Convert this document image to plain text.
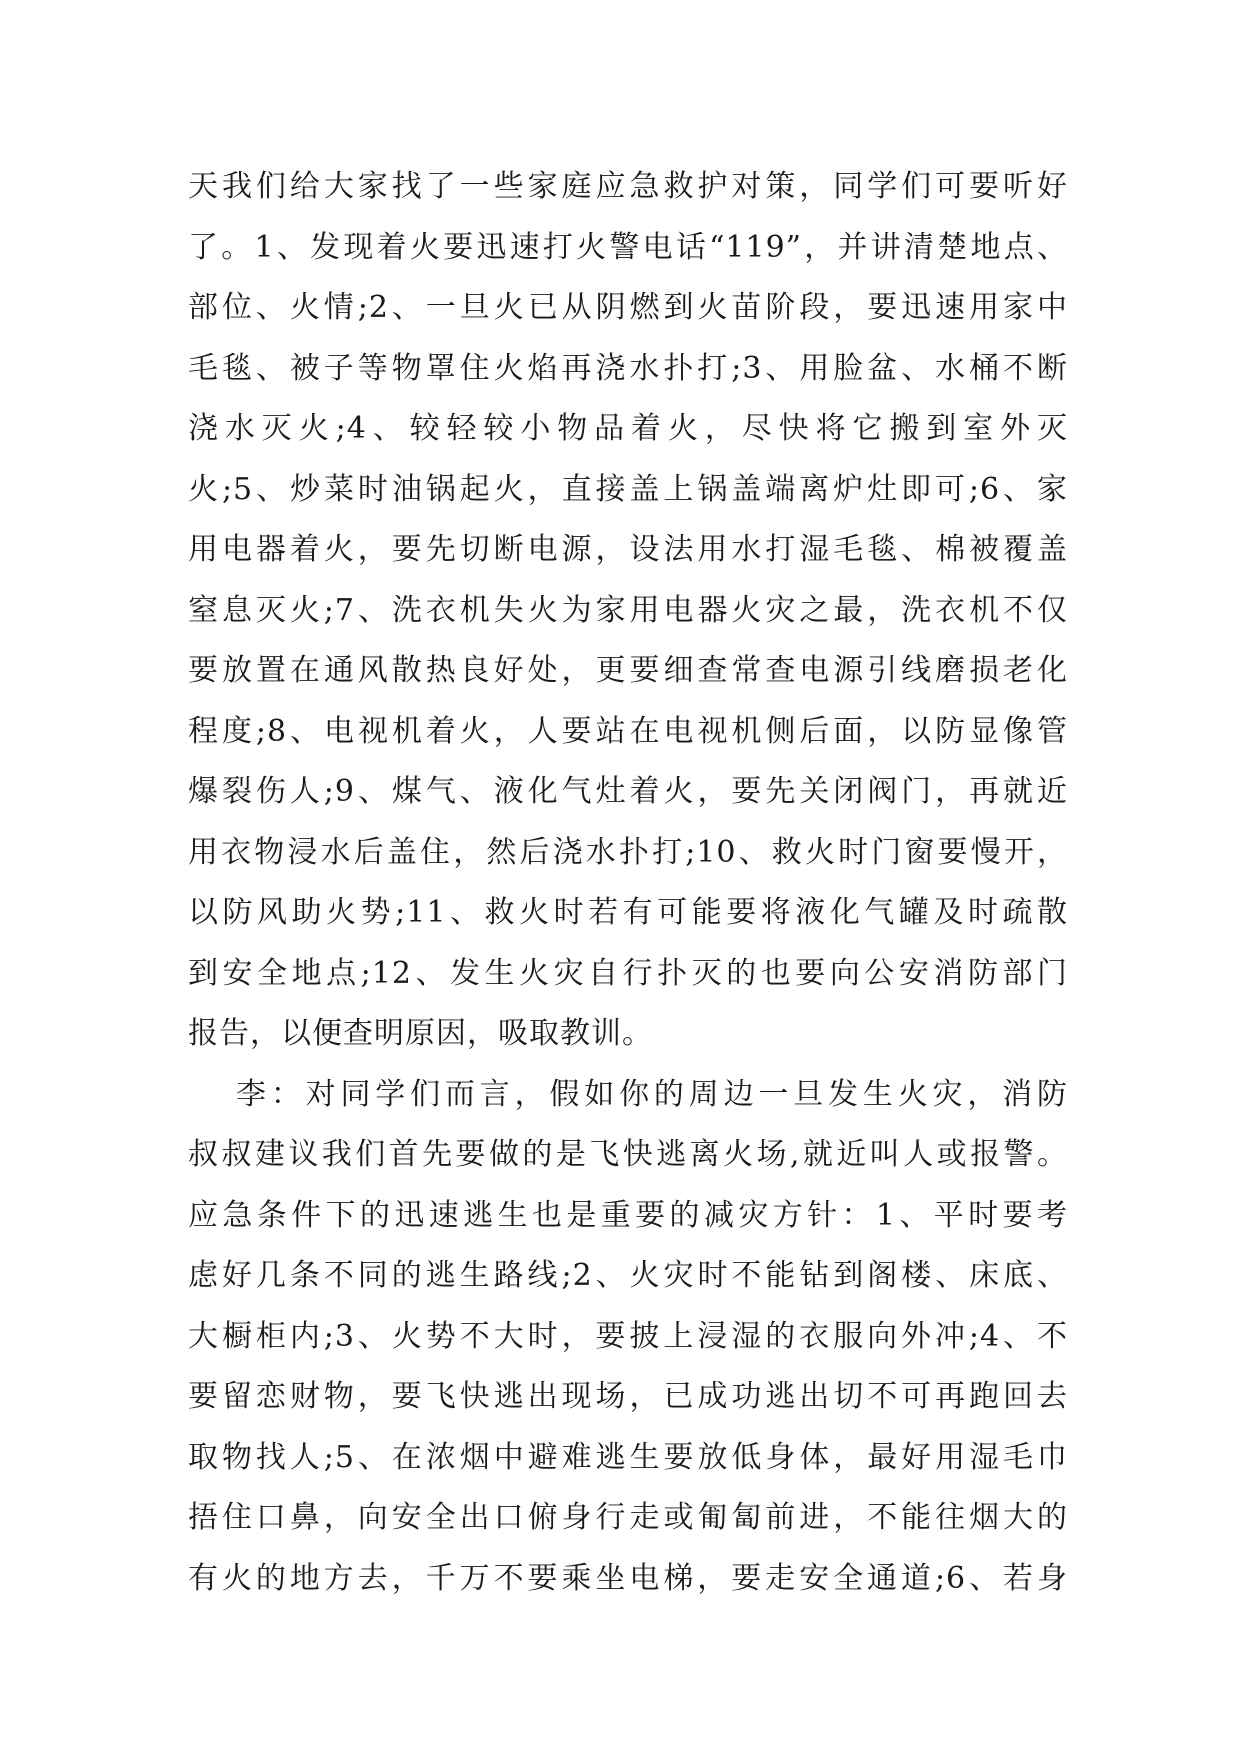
天我们给大家找了一些家庭应急救护对策，同学们可要听好
了。1、发现着火要迅速打火警电话“119”，并讲清楚地点、
部位、火情;2、一旦火已从阴燃到火苗阶段，要迅速用家中
毛毯、被子等物罩住火焰再浇水扑打;3、用脸盆、水桶不断
浇水灭火;4、较轻较小物品着火，尽快将它搬到室外灭
火;5、炒菜时油锅起火，直接盖上锅盖端离炉灶即可;6、家
用电器着火，要先切断电源，设法用水打湿毛毯、棉被覆盖
窒息灭火;7、洗衣机失火为家用电器火灾之最，洗衣机不仅
要放置在通风散热良好处，更要细查常查电源引线磨损老化
程度;8、电视机着火，人要站在电视机侧后面，以防显像管
爆裂伤人;9、煤气、液化气灶着火，要先关闭阀门，再就近
用衣物浸水后盖住，然后浇水扑打;10、救火时门窗要慢开，
以防风助火势;11、救火时若有可能要将液化气罐及时疏散
到安全地点;12、发生火灾自行扑灭的也要向公安消防部门
报告，以便查明原因，吸取教训。
李：对同学们而言，假如你的周边一旦发生火灾，消防
叔叔建议我们首先要做的是飞快逃离火场,就近叫人或报警。
应急条件下的迅速逃生也是重要的减灾方针：1、平时要考
虑好几条不同的逃生路线;2、火灾时不能钻到阁楼、床底、
大橱柜内;3、火势不大时，要披上浸湿的衣服向外冲;4、不
要留恋财物，要飞快逃出现场，已成功逃出切不可再跑回去
取物找人;5、在浓烟中避难逃生要放低身体，最好用湿毛巾
捂住口鼻，向安全出口俯身行走或匍匐前进，不能往烟大的
有火的地方去，千万不要乘坐电梯，要走安全通道;6、若身
